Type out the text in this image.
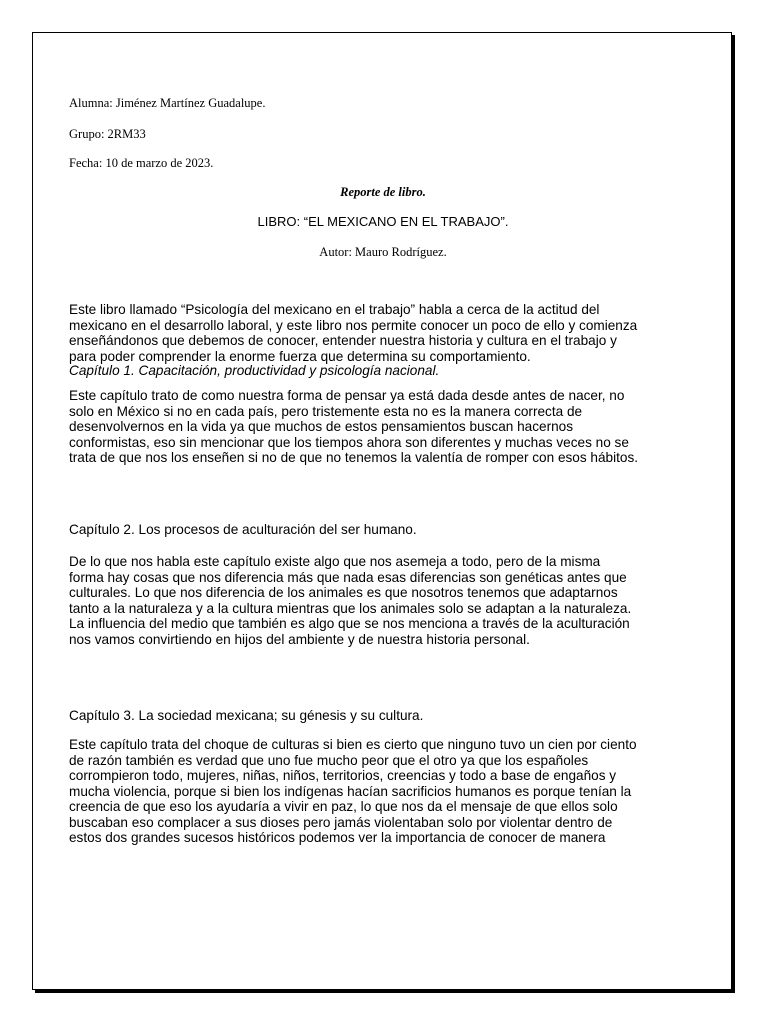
Alumna: Jiménez Martínez Guadalupe.
Grupo: 2RM33
Fecha: 10 de marzo de 2023.
Reporte de libro.
LIBRO: “EL MEXICANO EN EL TRABAJO”.
Autor: Mauro Rodríguez.
Este libro llamado “Psicología del mexicano en el trabajo” habla a cerca de la actitud del
mexicano en el desarrollo laboral, y este libro nos permite conocer un poco de ello y comienza
enseñándonos que debemos de conocer, entender nuestra historia y cultura en el trabajo y
para poder comprender la enorme fuerza que determina su comportamiento.
Capítulo 1. Capacitación, productividad y psicología nacional.
Este capítulo trato de como nuestra forma de pensar ya está dada desde antes de nacer, no
solo en México si no en cada país, pero tristemente esta no es la manera correcta de
desenvolvernos en la vida ya que muchos de estos pensamientos buscan hacernos
conformistas, eso sin mencionar que los tiempos ahora son diferentes y muchas veces no se
trata de que nos los enseñen si no de que no tenemos la valentía de romper con esos hábitos.
Capítulo 2. Los procesos de aculturación del ser humano.
De lo que nos habla este capítulo existe algo que nos asemeja a todo, pero de la misma
forma hay cosas que nos diferencia más que nada esas diferencias son genéticas antes que
culturales. Lo que nos diferencia de los animales es que nosotros tenemos que adaptarnos
tanto a la naturaleza y a la cultura mientras que los animales solo se adaptan a la naturaleza.
La influencia del medio que también es algo que se nos menciona a través de la aculturación
nos vamos convirtiendo en hijos del ambiente y de nuestra historia personal.
Capítulo 3. La sociedad mexicana; su génesis y su cultura.
Este capítulo trata del choque de culturas si bien es cierto que ninguno tuvo un cien por ciento
de razón también es verdad que uno fue mucho peor que el otro ya que los españoles
corrompieron todo, mujeres, niñas, niños, territorios, creencias y todo a base de engaños y
mucha violencia, porque si bien los indígenas hacían sacrificios humanos es porque tenían la
creencia de que eso los ayudaría a vivir en paz, lo que nos da el mensaje de que ellos solo
buscaban eso complacer a sus dioses pero jamás violentaban solo por violentar dentro de
estos dos grandes sucesos históricos podemos ver la importancia de conocer de manera
